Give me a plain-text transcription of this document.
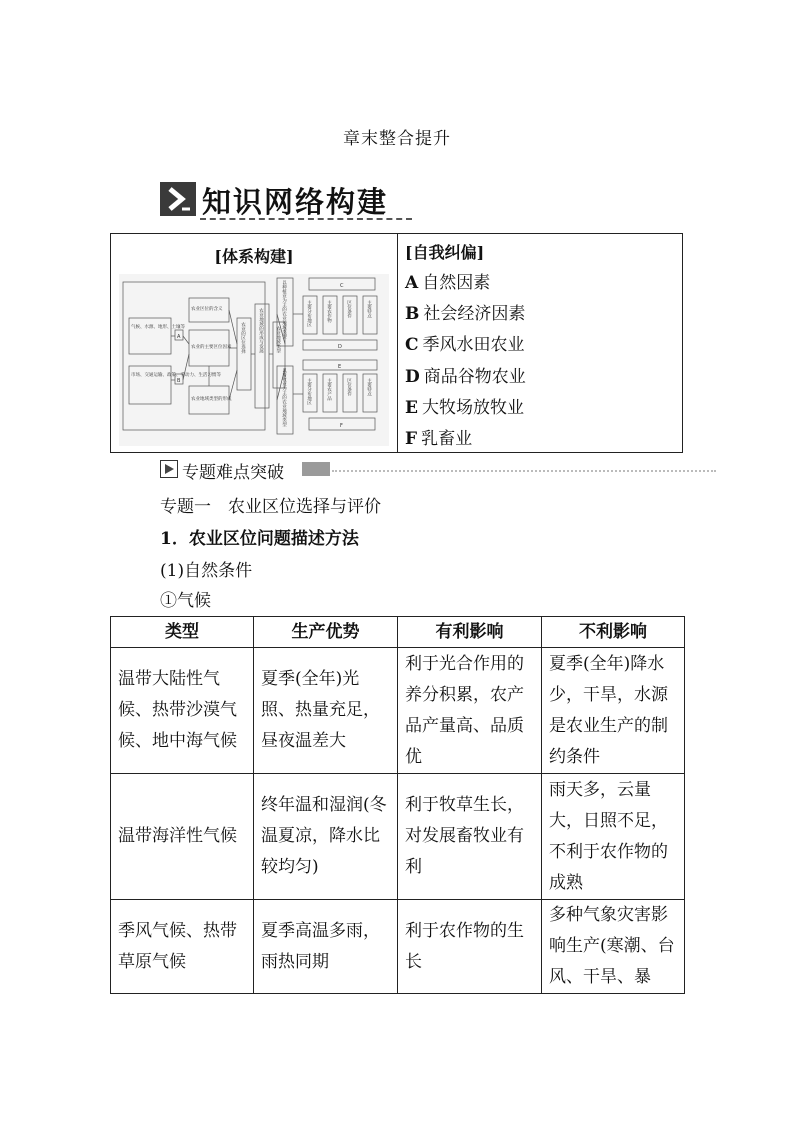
章末整合提升
知识网络构建
[体系构建]
A
B
C
D
E
F
气候、水源、地形、土壤等
市场、交通运输、政策、劳动力、生活习惯等
农业区位的含义
农业的主要区位因素
农业地域类型的形成
农业的区位选择	农业地域的形成与发展	农业地域类型
以种植业为主的农业地域类型
以畜牧业为主的农业地域类型
主要分布地区	主要农作物	区位条件	主要特点
主要分布地区	主要农产品	区位条件	主要特点
[自我纠偏]
A 自然因素
B 社会经济因素
C 季风水田农业
D 商品谷物农业
E 大牧场放牧业
F 乳畜业
专题难点突破
专题一　农业区位选择与评价
1．农业区位问题描述方法
(1)自然条件
①气候
类型	生产优势	有利影响	不利影响
温带大陆性气候、热带沙漠气候、地中海气候	夏季(全年)光照、热量充足，昼夜温差大	利于光合作用的养分积累，农产品产量高、品质优	夏季(全年)降水少，干旱，水源是农业生产的制约条件
温带海洋性气候	终年温和湿润(冬温夏凉，降水比较均匀)	利于牧草生长，对发展畜牧业有利	雨天多，云量大，日照不足，不利于农作物的成熟
季风气候、热带草原气候	夏季高温多雨，雨热同期	利于农作物的生长	多种气象灾害影响生产(寒潮、台风、干旱、暴
